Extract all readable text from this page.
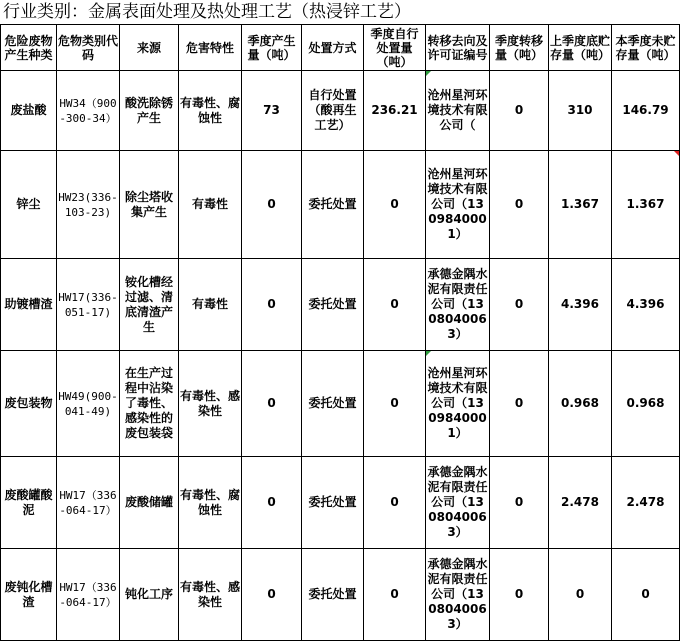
行业类别：金属表面处理及热处理工艺（热浸锌工艺）
危险废物产生种类	危物类别代码	来源	危害特性	季度产生量（吨）	处置方式	季度自行处置量（吨）	转移去向及许可证编号	季度转移量（吨）	上季度底贮存量（吨）	本季度未贮存量（吨）
废盐酸	HW34（900-300-34）	酸洗除锈产生	有毒性、腐蚀性	73	自行处置（酸再生工艺）	236.21	沧州星河环境技术有限公司（	0	310	146.79
锌尘	HW23(336-103-23)	除尘塔收集产生	有毒性	0	委托处置	0	沧州星河环境技术有限公司（1309840001）	0	1.367	1.367

助镀槽渣	HW17(336-051-17)	铵化槽经过滤、清底清渣产生	有毒性	0	委托处置	0	承德金隅水泥有限责任公司（1308040063）	0	4.396	4.396
废包装物	HW49(900-041-49)	在生产过程中沾染了毒性、感染性的废包装袋	有毒性、感染性	0	委托处置	0	沧州星河环境技术有限公司（1309840001）	0	0.968	0.968
废酸罐酸泥	HW17（336-064-17）	废酸储罐	有毒性、腐蚀性	0	委托处置	0	承德金隅水泥有限责任公司（1308040063）	0	2.478	2.478
废钝化槽渣	HW17（336-064-17）	钝化工序	有毒性、感染性	0	委托处置	0	承德金隅水泥有限责任公司（1308040063）	0	0	0
